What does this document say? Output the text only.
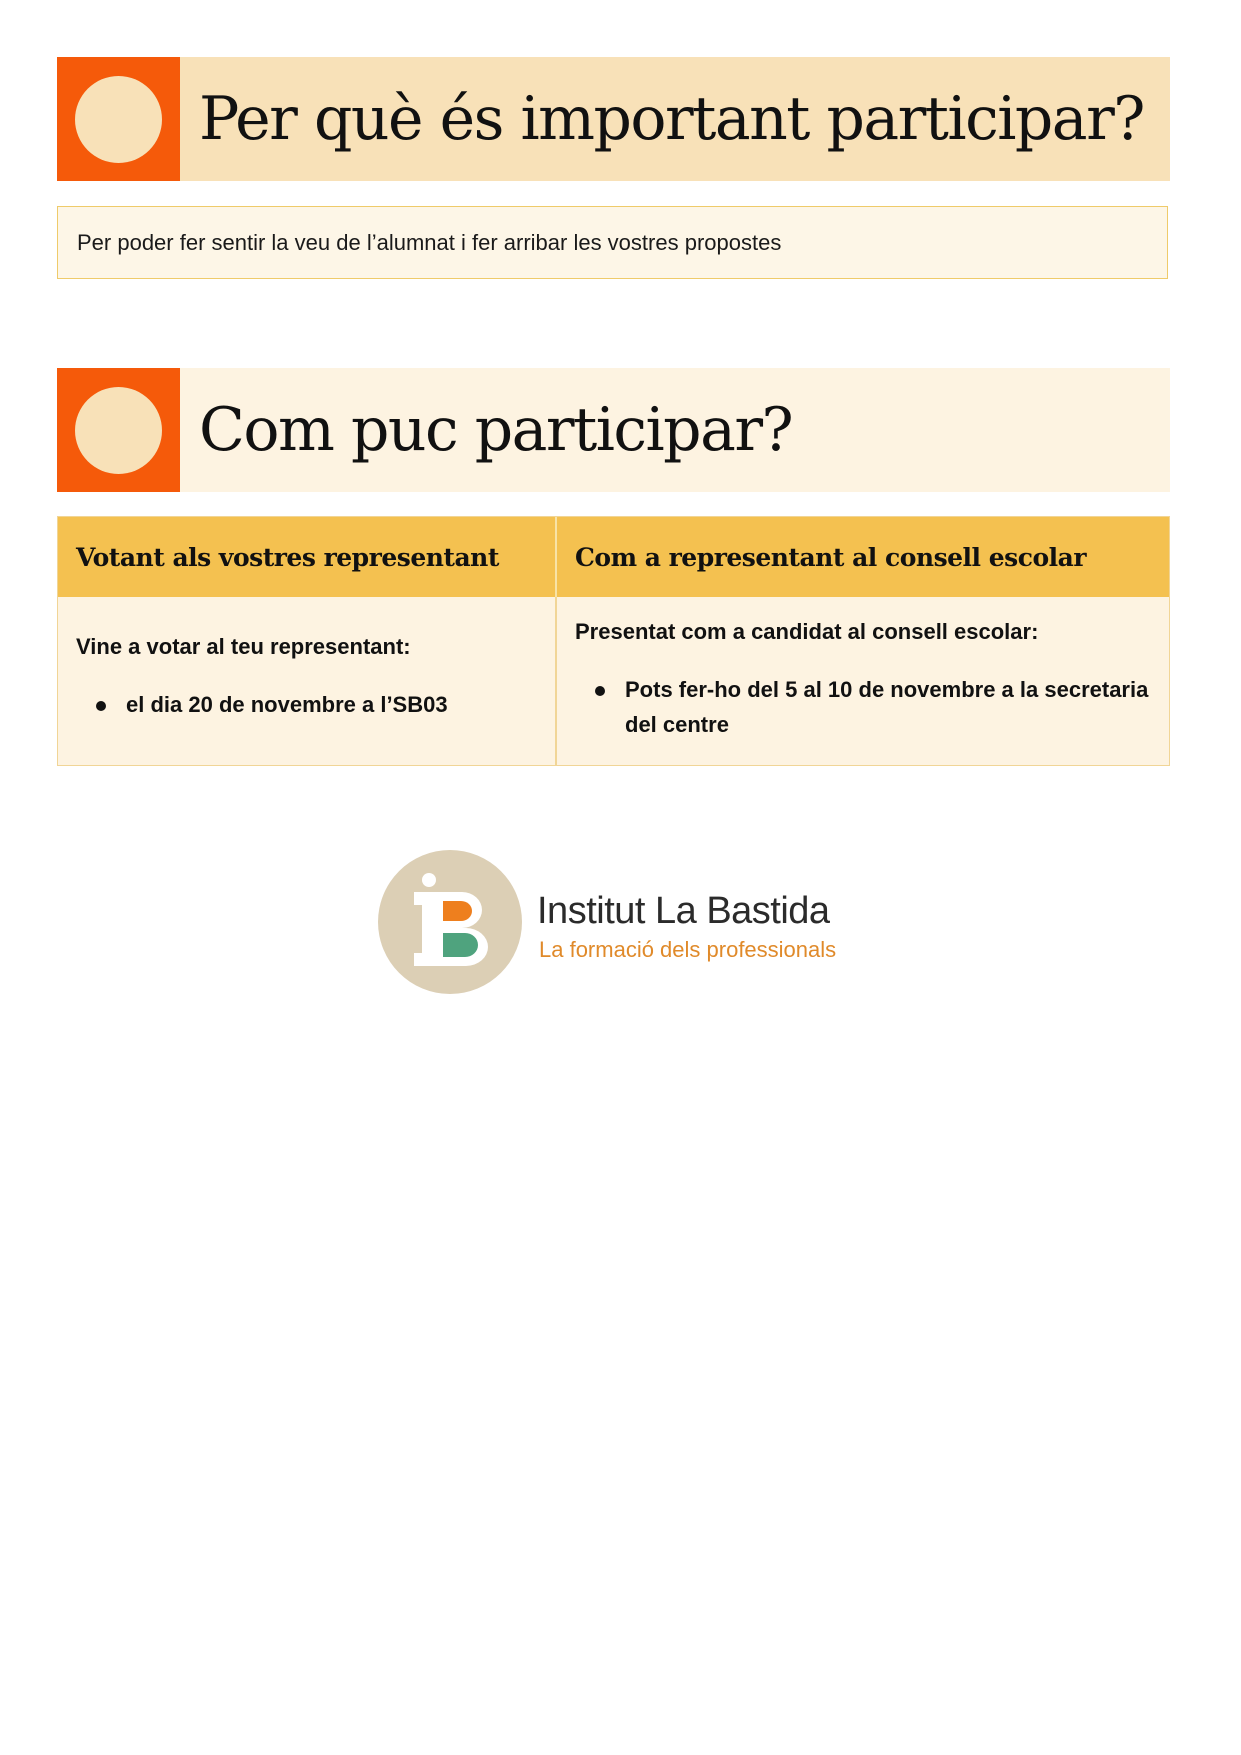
Per què és important participar?
Per poder fer sentir la veu de l’alumnat i fer arribar les vostres propostes
Com puc participar?
Votant als vostres representant	Com a representant al consell escolar

Vine a votar al teu representant:

el dia 20 de novembre a l’SB03

Presentat com a candidat al consell escolar:

Pots fer-ho del 5 al 10 de novembre a la secretaria del centre
Institut La Bastida
La formació dels professionals
